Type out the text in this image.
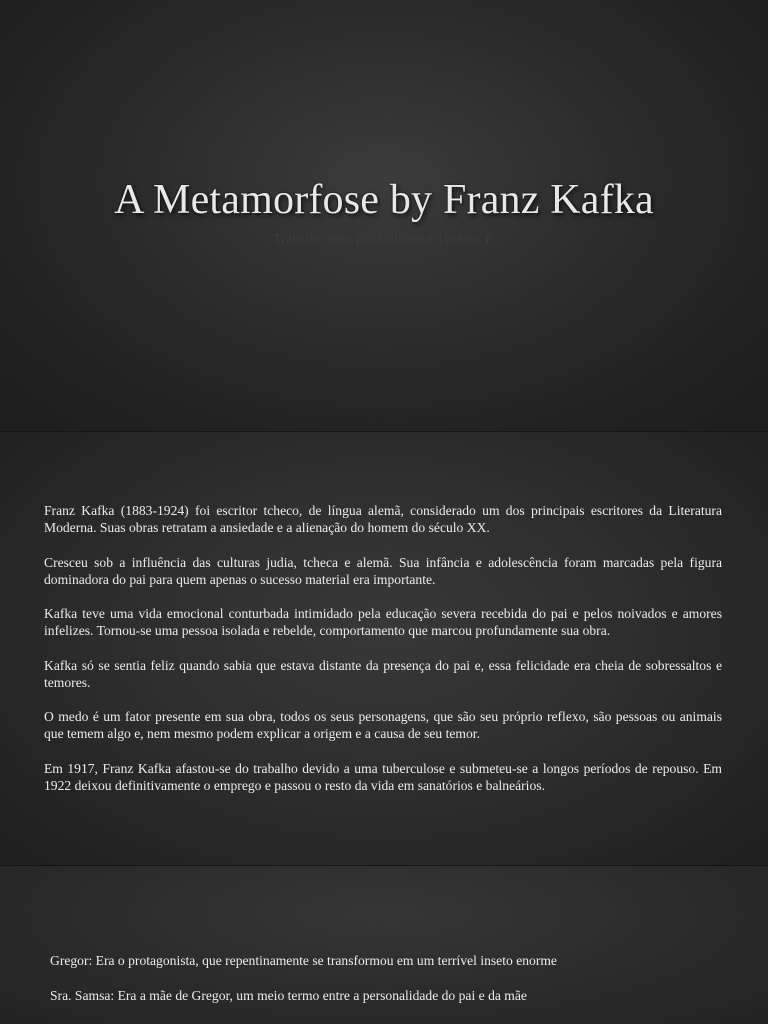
A Metamorfose by Franz Kafka

Trabalho feito por William e Thobias F.

Franz Kafka (1883-1924) foi escritor tcheco, de língua alemã, considerado um dos principais escritores da Literatura Moderna. Suas obras retratam a ansiedade e a alienação do homem do século XX.

Cresceu sob a influência das culturas judia, tcheca e alemã. Sua infância e adolescência foram marcadas pela figura dominadora do pai para quem apenas o sucesso material era importante.

Kafka teve uma vida emocional conturbada intimidado pela educação severa recebida do pai e pelos noivados e amores infelizes. Tornou-se uma pessoa isolada e rebelde, comportamento que marcou profundamente sua obra.

Kafka só se sentia feliz quando sabia que estava distante da presença do pai e, essa felicidade era cheia de sobressaltos e temores.

O medo é um fator presente em sua obra, todos os seus personagens, que são seu próprio reflexo, são pessoas ou animais que temem algo e, nem mesmo podem explicar a origem e a causa de seu temor.

Em 1917, Franz Kafka afastou-se do trabalho devido a uma tuberculose e submeteu-se a longos períodos de repouso. Em 1922 deixou definitivamente o emprego e passou o resto da vida em sanatórios e balneários.

Gregor: Era o protagonista, que repentinamente se transformou em um terrível inseto enorme

Sra. Samsa: Era a mãe de Gregor, um meio termo entre a personalidade do pai e da mãe
